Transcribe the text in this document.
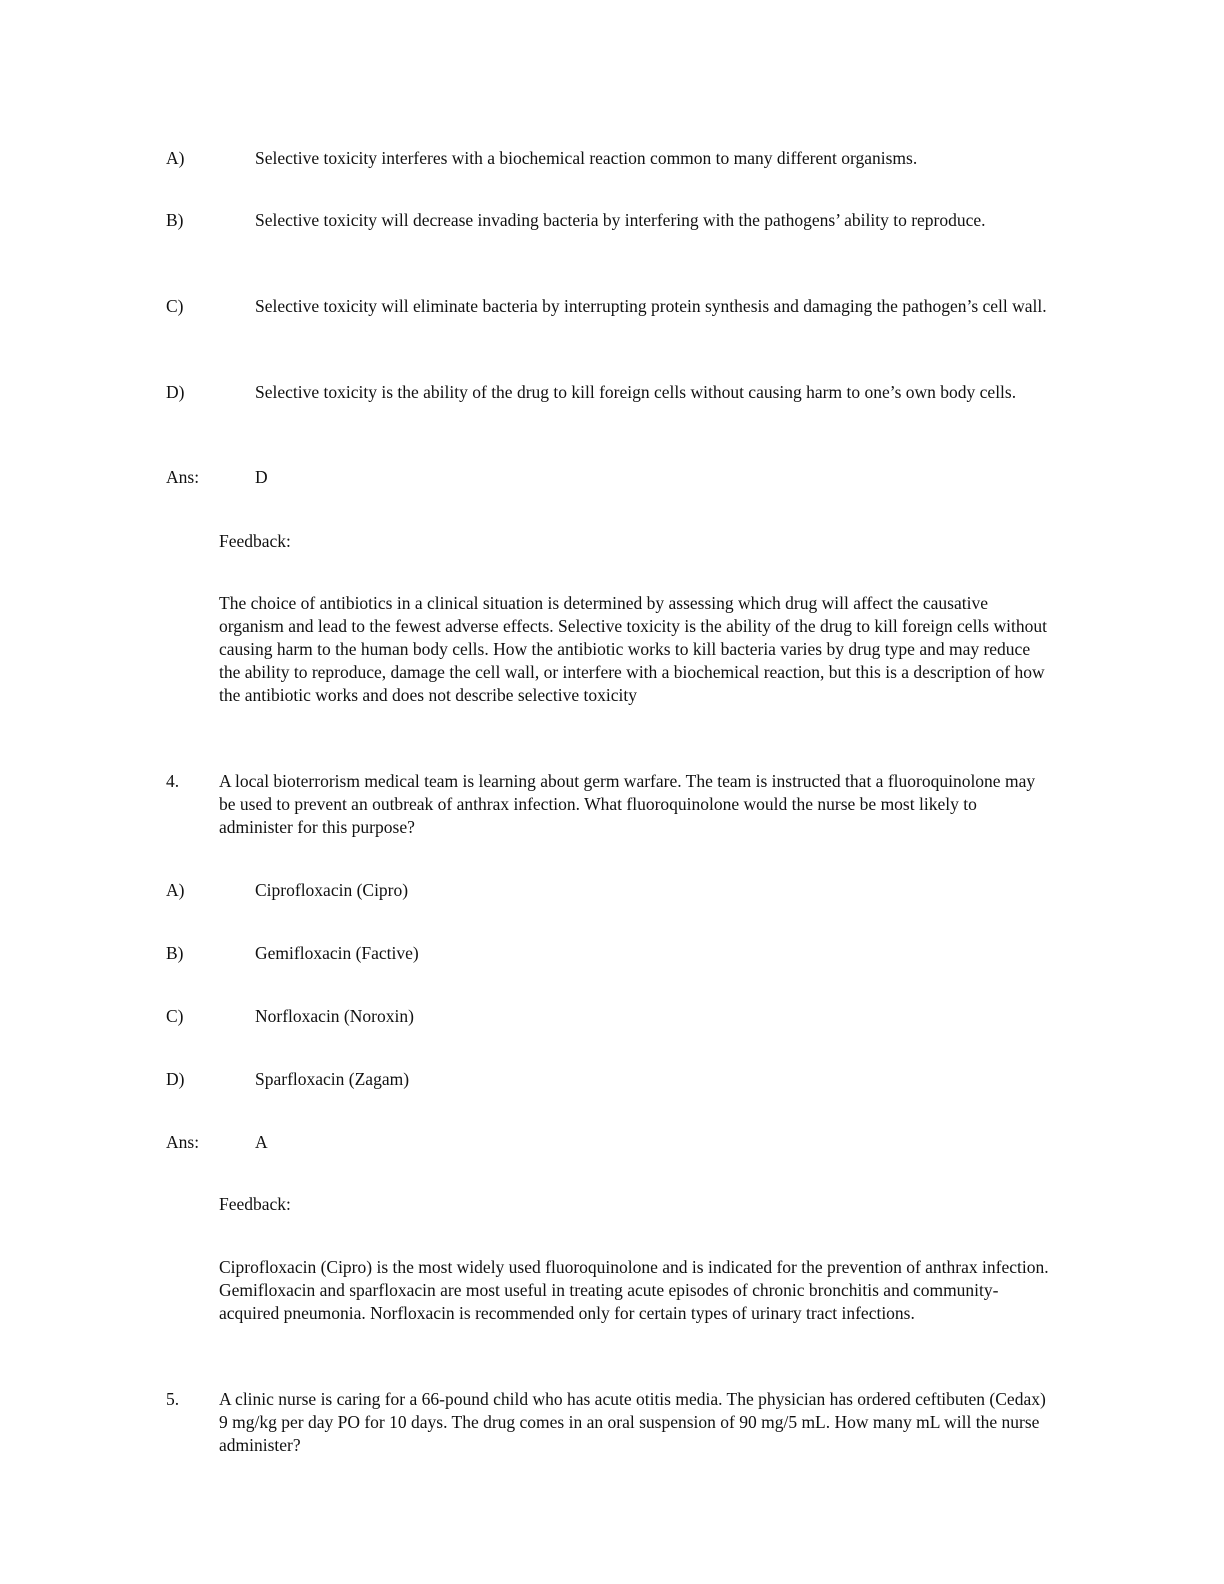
A)	Selective toxicity interferes with a biochemical reaction common to many different organisms.
B)	Selective toxicity will decrease invading bacteria by interfering with the pathogens’ ability to reproduce.
C)	Selective toxicity will eliminate bacteria by interrupting protein synthesis and damaging the pathogen’s cell wall.
D)	Selective toxicity is the ability of the drug to kill foreign cells without causing harm to one’s own body cells.
Ans:	D
Feedback:
The choice of antibiotics in a clinical situation is determined by assessing which drug will affect the causative organism and lead to the fewest adverse effects. Selective toxicity is the ability of the drug to kill foreign cells without causing harm to the human body cells. How the antibiotic works to kill bacteria varies by drug type and may reduce the ability to reproduce, damage the cell wall, or interfere with a biochemical reaction, but this is a description of how the antibiotic works and does not describe selective toxicity
4. A local bioterrorism medical team is learning about germ warfare. The team is instructed that a fluoroquinolone may be used to prevent an outbreak of anthrax infection. What fluoroquinolone would the nurse be most likely to administer for this purpose?
A)	Ciprofloxacin (Cipro)
B)	Gemifloxacin (Factive)
C)	Norfloxacin (Noroxin)
D)	Sparfloxacin (Zagam)
Ans:	A
Feedback:
Ciprofloxacin (Cipro) is the most widely used fluoroquinolone and is indicated for the prevention of anthrax infection. Gemifloxacin and sparfloxacin are most useful in treating acute episodes of chronic bronchitis and community-acquired pneumonia. Norfloxacin is recommended only for certain types of urinary tract infections.
5. A clinic nurse is caring for a 66-pound child who has acute otitis media. The physician has ordered ceftibuten (Cedax) 9 mg/kg per day PO for 10 days. The drug comes in an oral suspension of 90 mg/5 mL. How many mL will the nurse administer?
